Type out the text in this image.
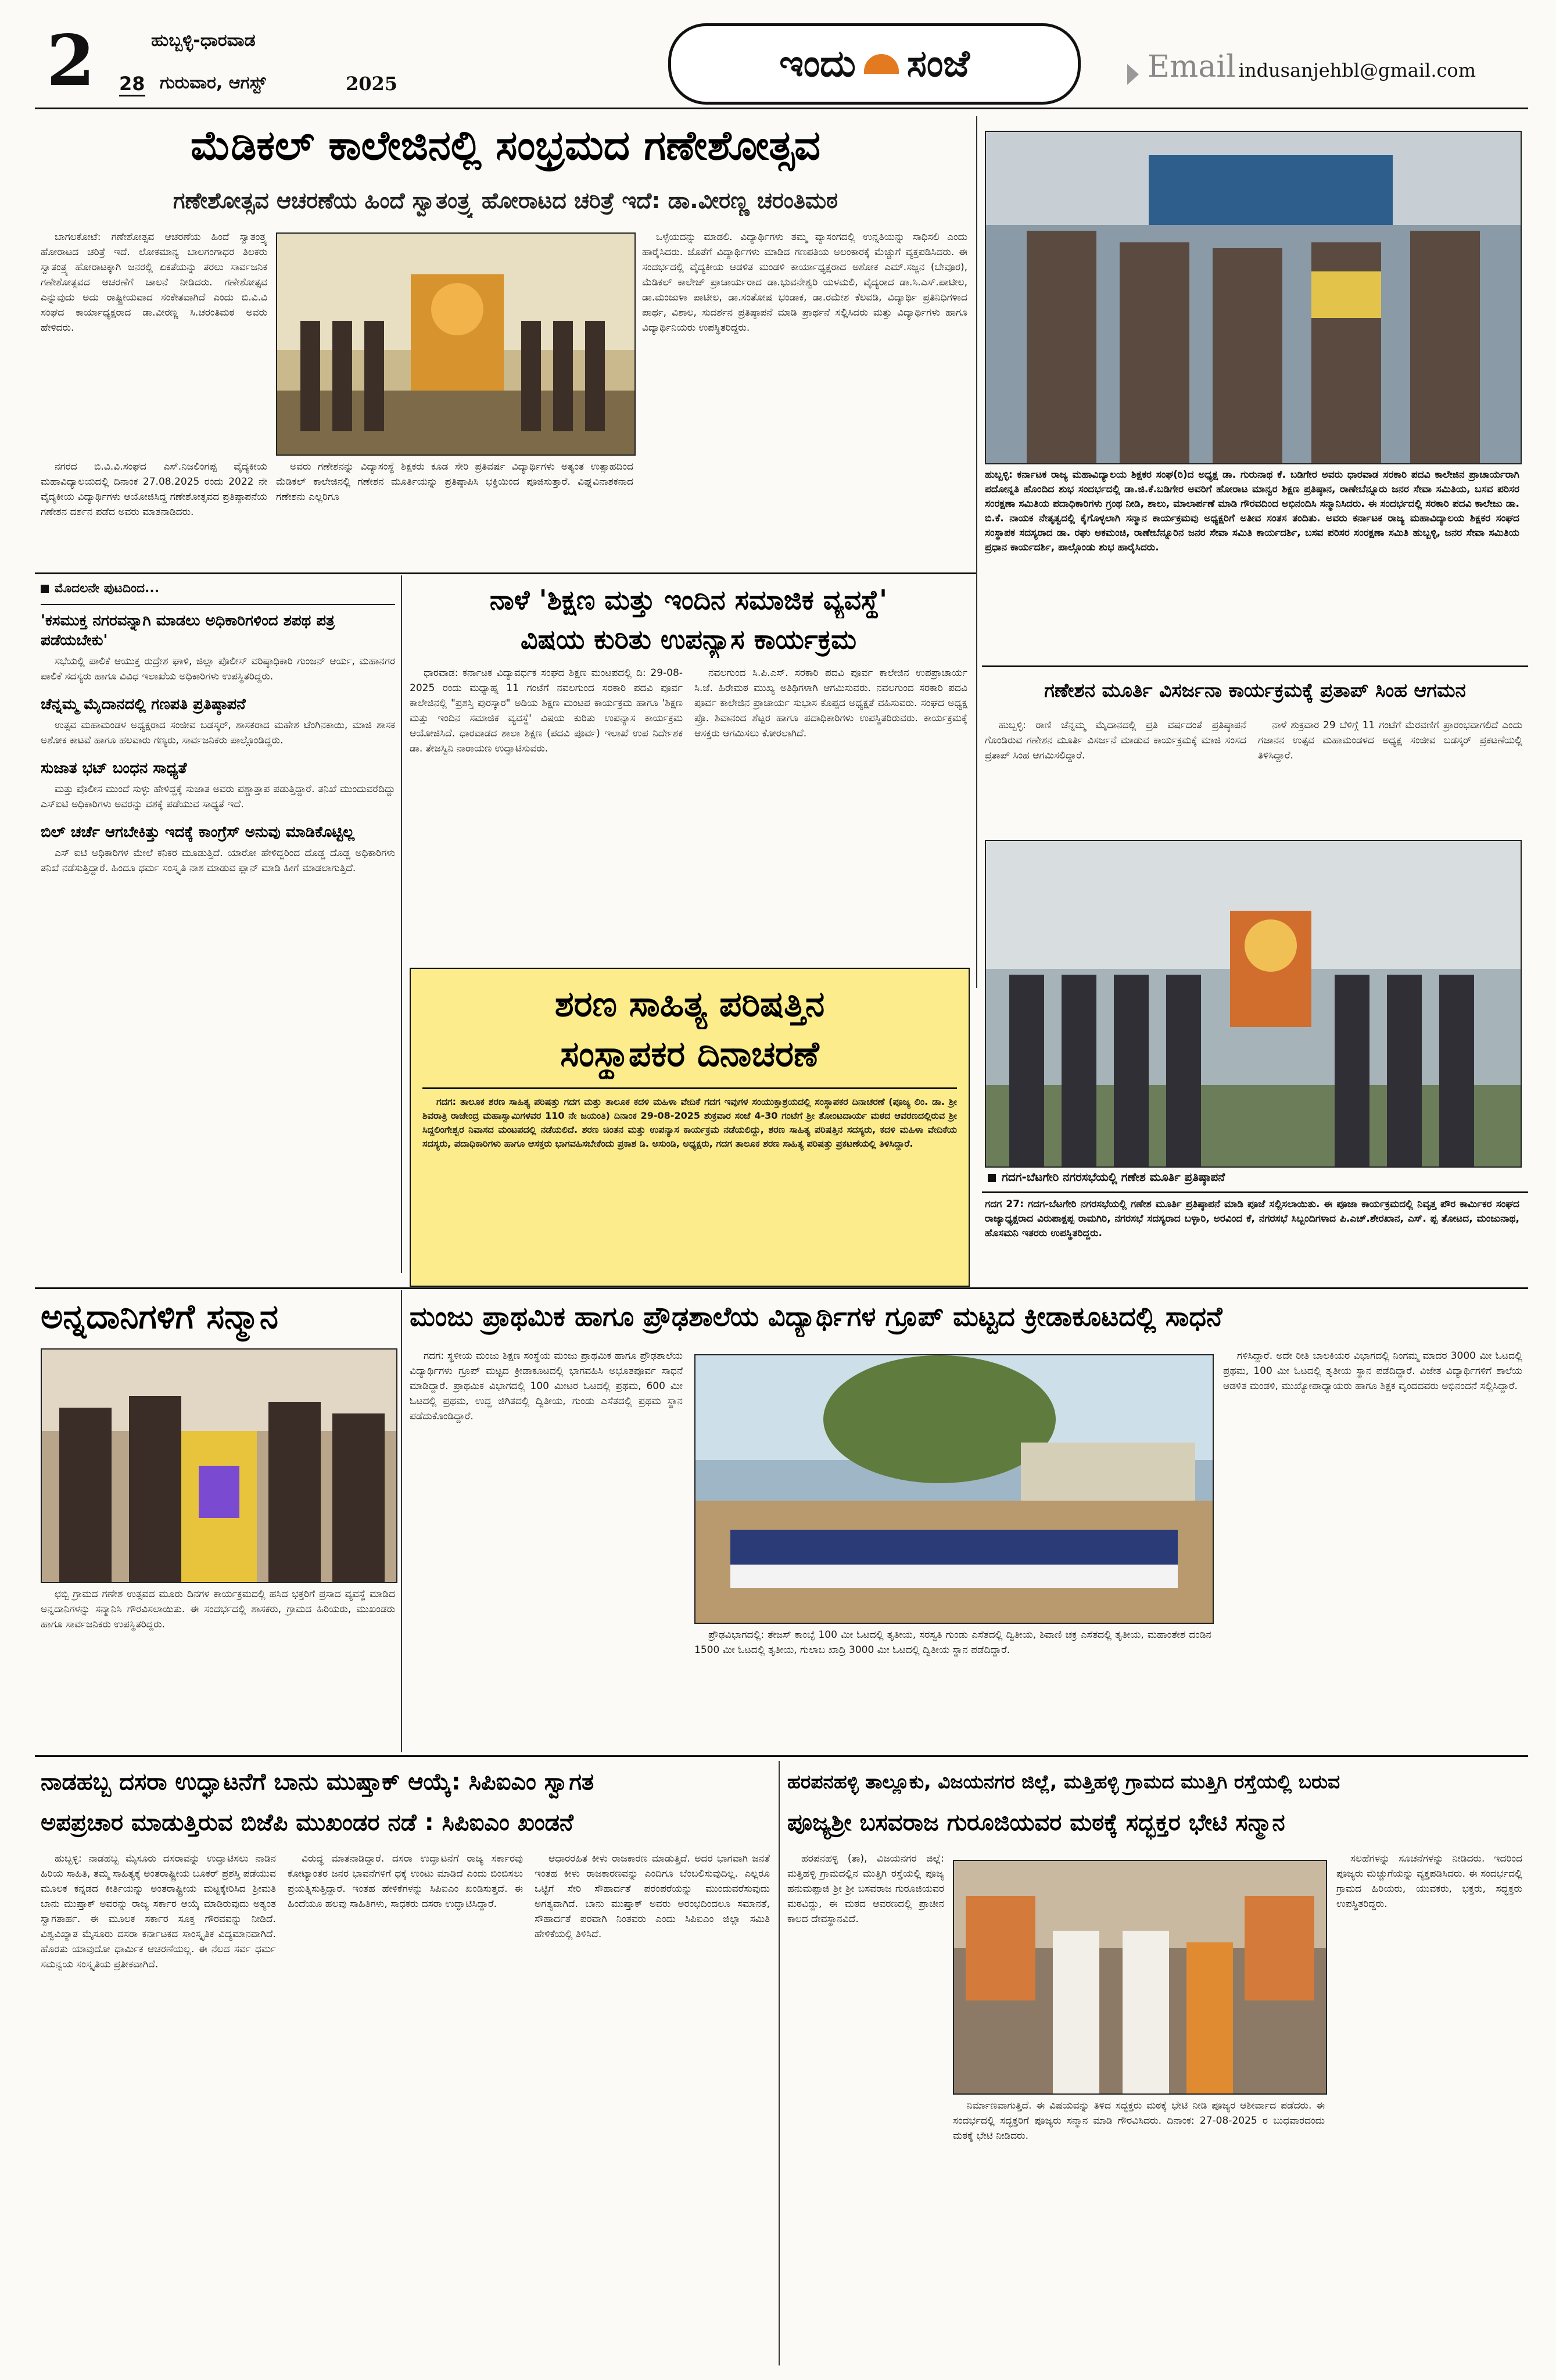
2	ಹುಬ್ಬಳ್ಳಿ-ಧಾರವಾಡ
28 ಗುರುವಾರ, ಆಗಸ್ಟ್	2025	ಇಂದು ಸಂಜೆ	Email indusanjehbl@gmail.com
ಮೆಡಿಕಲ್ ಕಾಲೇಜಿನಲ್ಲಿ ಸಂಭ್ರಮದ ಗಣೇಶೋತ್ಸವ
ಗಣೇಶೋತ್ಸವ ಆಚರಣೆಯ ಹಿಂದೆ ಸ್ವಾತಂತ್ರ್ಯ ಹೋರಾಟದ ಚರಿತ್ರೆ ಇದೆ: ಡಾ.ವೀರಣ್ಣ ಚರಂತಿಮಠ

ಬಾಗಲಕೋಟೆ: ಗಣೇಶೋತ್ಸವ ಆಚರಣೆಯ ಹಿಂದೆ ಸ್ವಾತಂತ್ರ್ಯ ಹೋರಾಟದ ಚರಿತ್ರೆ ಇದೆ. ಲೋಕಮಾನ್ಯ ಬಾಲಗಂಗಾಧರ ತಿಲಕರು ಸ್ವಾತಂತ್ರ್ಯ ಹೋರಾಟಕ್ಕಾಗಿ ಜನರಲ್ಲಿ ಏಕತೆಯನ್ನು ತರಲು ಸಾರ್ವಜನಿಕ ಗಣೇಶೋತ್ಸವದ ಆಚರಣೆಗೆ ಚಾಲನೆ ನೀಡಿದರು. ಗಣೇಶೋತ್ಸವ ಎನ್ನುವುದು ಅದು ರಾಷ್ಟ್ರೀಯವಾದ ಸಂಕೇತವಾಗಿದೆ ಎಂದು ಬಿ.ವಿ.ವಿ ಸಂಘದ ಕಾರ್ಯಾಧ್ಯಕ್ಷರಾದ ಡಾ.ವೀರಣ್ಣ ಸಿ.ಚರಂತಿಮಠ ಅವರು ಹೇಳಿದರು.

ಒಳ್ಳೆಯದನ್ನು ಮಾಡಲಿ. ವಿದ್ಯಾರ್ಥಿಗಳು ತಮ್ಮ ವ್ಯಾಸಂಗದಲ್ಲಿ ಉನ್ನತಿಯನ್ನು ಸಾಧಿಸಲಿ ಎಂದು ಹಾರೈಸಿದರು. ಜೊತೆಗೆ ವಿದ್ಯಾರ್ಥಿಗಳು ಮಾಡಿದ ಗಣಪತಿಯ ಅಲಂಕಾರಕ್ಕೆ ಮೆಚ್ಚುಗೆ ವ್ಯಕ್ತಪಡಿಸಿದರು. ಈ ಸಂದರ್ಭದಲ್ಲಿ ವೈದ್ಯಕೀಯ ಆಡಳಿತ ಮಂಡಳಿ ಕಾರ್ಯಾಧ್ಯಕ್ಷರಾದ ಅಶೋಕ ಎಮ್.ಸಜ್ಜನ (ಬೇವೂರ), ಮೆಡಿಕಲ್ ಕಾಲೇಜ್ ಪ್ರಾಚಾರ್ಯರಾದ ಡಾ.ಭುವನೇಶ್ವರಿ ಯಳಮಲಿ, ವೈದ್ಯರಾದ ಡಾ.ಸಿ.ಎಸ್.ಪಾಟೀಲ, ಡಾ.ಮಂಜುಳಾ ಪಾಟೀಲ, ಡಾ.ಸಂತೋಷ ಭಂಡಾಕ, ಡಾ.ರಮೇಶ ಕೆಲವಡಿ, ವಿದ್ಯಾರ್ಥಿ ಪ್ರತಿನಿಧಿಗಳಾದ ಪಾರ್ಥ, ವಿಶಾಲ, ಸುದರ್ಶನ ಪ್ರತಿಷ್ಠಾಪನೆ ಮಾಡಿ ಪ್ರಾರ್ಥನೆ ಸಲ್ಲಿಸಿದರು ಮತ್ತು ವಿದ್ಯಾರ್ಥಿಗಳು ಹಾಗೂ ವಿದ್ಯಾರ್ಥಿನಿಯರು ಉಪಸ್ಥಿತರಿದ್ದರು.

ನಗರದ ಬಿ.ವಿ.ವಿ.ಸಂಘದ ಎಸ್.ನಿಜಲಿಂಗಪ್ಪ ವೈದ್ಯಕೀಯ ಮಹಾವಿದ್ಯಾಲಯದಲ್ಲಿ ದಿನಾಂಕ 27.08.2025 ರಂದು 2022 ನೇ ವೈದ್ಯಕೀಯ ವಿದ್ಯಾರ್ಥಿಗಳು ಆಯೋಜಿಸಿದ್ದ ಗಣೇಶೋತ್ಸವದ ಪ್ರತಿಷ್ಠಾಪನೆಯ ಗಣೇಶನ ದರ್ಶನ ಪಡೆದ ಅವರು ಮಾತನಾಡಿದರು.

ಅವರು ಗಣೇಶನನ್ನು ವಿದ್ಯಾಸಂಸ್ಥೆ ಶಿಕ್ಷಕರು ಕೂಡ ಸೇರಿ ಪ್ರತಿವರ್ಷ ವಿದ್ಯಾರ್ಥಿಗಳು ಅತ್ಯಂತ ಉತ್ಸಾಹದಿಂದ ಮೆಡಿಕಲ್ ಕಾಲೇಜಿನಲ್ಲಿ ಗಣೇಶನ ಮೂರ್ತಿಯನ್ನು ಪ್ರತಿಷ್ಠಾಪಿಸಿ ಭಕ್ತಿಯಿಂದ ಪೂಜಿಸುತ್ತಾರೆ. ವಿಘ್ನವಿನಾಶಕನಾದ ಗಣೇಶನು ಎಲ್ಲರಿಗೂ

ಹುಬ್ಬಳ್ಳಿ: ಕರ್ನಾಟಕ ರಾಜ್ಯ ಮಹಾವಿದ್ಯಾಲಯ ಶಿಕ್ಷಕರ ಸಂಘ(ರಿ)ದ ಅಧ್ಯಕ್ಷ ಡಾ. ಗುರುನಾಥ ಕೆ. ಬಡಿಗೇರ ಅವರು ಧಾರವಾಡ ಸರಕಾರಿ ಪದವಿ ಕಾಲೇಜಿನ ಪ್ರಾಚಾರ್ಯರಾಗಿ ಪದೋನ್ನತಿ ಹೊಂದಿದ ಶುಭ ಸಂದರ್ಭದಲ್ಲಿ ಡಾ.ಜಿ.ಕೆ.ಬಡಿಗೇರ ಅವರಿಗೆ ಹೋರಾಟ ಮಾನ್ವರ ಶಿಕ್ಷಣ ಪ್ರತಿಷ್ಠಾನ, ರಾಣೇಬೆನ್ನೂರು ಜನರ ಸೇವಾ ಸಮಿತಿಯ, ಬಸವ ಪರಿಸರ ಸಂರಕ್ಷಣಾ ಸಮಿತಿಯ ಪದಾಧಿಕಾರಿಗಳು ಗ್ರಂಥ ನೀಡಿ, ಶಾಲು, ಮಾಲಾರ್ಪಣೆ ಮಾಡಿ ಗೌರವದಿಂದ ಅಭಿನಂದಿಸಿ ಸನ್ಮಾನಿಸಿದರು. ಈ ಸಂದರ್ಭದಲ್ಲಿ ಸರಕಾರಿ ಪದವಿ ಕಾಲೇಜು ಡಾ. ಬಿ.ಕೆ. ನಾಯಕ ನೇತೃತ್ವದಲ್ಲಿ ಕೈಗೊಳ್ಳಲಾಗಿ ಸನ್ಮಾನ ಕಾರ್ಯಕ್ರಮವು ಅಧ್ಯಕ್ಷರಿಗೆ ಅತೀವ ಸಂತಸ ತಂದಿತು. ಅವರು ಕರ್ನಾಟಕ ರಾಜ್ಯ ಮಹಾವಿದ್ಯಾಲಯ ಶಿಕ್ಷಕರ ಸಂಘದ ಸಂಸ್ಥಾಪಕ ಸದಸ್ಯರಾದ ಡಾ. ರಘು ಅಕಮಂಚಿ, ರಾಣೇಬೆನ್ನೂರಿನ ಜನರ ಸೇವಾ ಸಮಿತಿ ಕಾರ್ಯದರ್ಶಿ, ಬಸವ ಪರಿಸರ ಸಂರಕ್ಷಣಾ ಸಮಿತಿ ಹುಬ್ಬಳ್ಳಿ, ಜನರ ಸೇವಾ ಸಮಿತಿಯ ಪ್ರಧಾನ ಕಾರ್ಯದರ್ಶಿ, ಪಾಲ್ಗೊಂಡು ಶುಭ ಹಾರೈಸಿದರು.
ಮೊದಲನೇ ಪುಟದಿಂದ...
'ಕಸಮುಕ್ತ ನಗರವನ್ನಾಗಿ ಮಾಡಲು ಅಧಿಕಾರಿಗಳಿಂದ ಶಪಥ ಪತ್ರ ಪಡೆಯಬೇಕು'

ಸಭೆಯಲ್ಲಿ ಪಾಲಿಕೆ ಆಯುಕ್ತ ರುದ್ರೇಶ ಘಾಳಿ, ಜಿಲ್ಲಾ ಪೊಲೀಸ್ ವರಿಷ್ಠಾಧಿಕಾರಿ ಗುಂಜನ್ ಆರ್ಯ, ಮಹಾನಗರ ಪಾಲಿಕೆ ಸದಸ್ಯರು ಹಾಗೂ ವಿವಿಧ ಇಲಾಖೆಯ ಅಧಿಕಾರಿಗಳು ಉಪಸ್ಥಿತರಿದ್ದರು.

ಚೆನ್ನಮ್ಮ ಮೈದಾನದಲ್ಲಿ ಗಣಪತಿ ಪ್ರತಿಷ್ಠಾಪನೆ

ಉತ್ಸವ ಮಹಾಮಂಡಳ ಅಧ್ಯಕ್ಷರಾದ ಸಂಜೀವ ಬಡಸ್ಕರ್, ಶಾಸಕರಾದ ಮಹೇಶ ಟೆಂಗಿನಕಾಯಿ, ಮಾಜಿ ಶಾಸಕ ಅಶೋಕ ಕಾಟವೆ ಹಾಗೂ ಹಲವಾರು ಗಣ್ಯರು, ಸಾರ್ವಜನಿಕರು ಪಾಲ್ಗೊಂಡಿದ್ದರು.

ಸುಜಾತ ಭಟ್ ಬಂಧನ ಸಾಧ್ಯತೆ

ಮತ್ತು ಪೊಲೀಸ ಮುಂದೆ ಸುಳ್ಳು ಹೇಳಿದ್ದಕ್ಕೆ ಸುಜಾತ ಅವರು ಪಶ್ಚಾತ್ತಾಪ ಪಡುತ್ತಿದ್ದಾರೆ. ತನಿಖೆ ಮುಂದುವರೆದಿದ್ದು ಎಸ್ಐಟಿ ಅಧಿಕಾರಿಗಳು ಅವರನ್ನು ವಶಕ್ಕೆ ಪಡೆಯುವ ಸಾಧ್ಯತೆ ಇದೆ.

ಬಿಲ್ ಚರ್ಚೆ ಆಗಬೇಕಿತ್ತು ಇದಕ್ಕೆ ಕಾಂಗ್ರೆಸ್ ಅನುವು ಮಾಡಿಕೊಟ್ಟಿಲ್ಲ

ಎಸ್ ಐಟಿ ಅಧಿಕಾರಿಗಳ ಮೇಲೆ ಕನಿಕರ ಮೂಡುತ್ತಿದೆ. ಯಾರೋ ಹೇಳಿದ್ದರಿಂದ ದೊಡ್ಡ ದೊಡ್ಡ ಅಧಿಕಾರಿಗಳು ತನಿಖೆ ನಡೆಸುತ್ತಿದ್ದಾರೆ. ಹಿಂದೂ ಧರ್ಮ ಸಂಸ್ಕೃತಿ ನಾಶ ಮಾಡುವ ಪ್ಲಾನ್ ಮಾಡಿ ಹೀಗೆ ಮಾಡಲಾಗುತ್ತಿದೆ.

ನಾಳೆ 'ಶಿಕ್ಷಣ ಮತ್ತು ಇಂದಿನ ಸಮಾಜಿಕ ವ್ಯವಸ್ಥೆ'
ವಿಷಯ ಕುರಿತು ಉಪನ್ಯಾಸ ಕಾರ್ಯಕ್ರಮ

ಧಾರವಾಡ: ಕರ್ನಾಟಕ ವಿದ್ಯಾವರ್ಧಕ ಸಂಘದ ಶಿಕ್ಷಣ ಮಂಟಪದಲ್ಲಿ ದಿ: 29-08-2025 ರಂದು ಮಧ್ಯಾಹ್ನ 11 ಗಂಟೆಗೆ ನವಲಗುಂದ ಸರಕಾರಿ ಪದವಿ ಪೂರ್ವ ಕಾಲೇಜಿನಲ್ಲಿ "ಪ್ರಶಸ್ತಿ ಪುರಸ್ಕಾರ" ಅಡಿಯ ಶಿಕ್ಷಣ ಮಂಟಪ ಕಾರ್ಯಕ್ರಮ ಹಾಗೂ 'ಶಿಕ್ಷಣ ಮತ್ತು ಇಂದಿನ ಸಮಾಜಿಕ ವ್ಯವಸ್ಥೆ' ವಿಷಯ ಕುರಿತು ಉಪನ್ಯಾಸ ಕಾರ್ಯಕ್ರಮ ಆಯೋಜಿಸಿದೆ. ಧಾರವಾಡದ ಶಾಲಾ ಶಿಕ್ಷಣ (ಪದವಿ ಪೂರ್ವ) ಇಲಾಖೆ ಉಪ ನಿರ್ದೇಶಕ ಡಾ. ತೇಜಸ್ವಿನಿ ನಾರಾಯಣ ಉದ್ಘಾಟಿಸುವರು.

ನವಲಗುಂದ ಸಿ.ಪಿ.ಎಸ್. ಸರಕಾರಿ ಪದವಿ ಪೂರ್ವ ಕಾಲೇಜಿನ ಉಪಪ್ರಾಚಾರ್ಯ ಸಿ.ಜೆ. ಹಿರೇಮಠ ಮುಖ್ಯ ಅತಿಥಿಗಳಾಗಿ ಆಗಮಿಸುವರು. ನವಲಗುಂದ ಸರಕಾರಿ ಪದವಿ ಪೂರ್ವ ಕಾಲೇಜಿನ ಪ್ರಾಚಾರ್ಯ ಸುಭಾಸ ಕೊಪ್ಪದ ಅಧ್ಯಕ್ಷತೆ ವಹಿಸುವರು. ಸಂಘದ ಅಧ್ಯಕ್ಷ ಪ್ರೊ. ಶಿವಾನಂದ ಶೆಟ್ಟರ ಹಾಗೂ ಪದಾಧಿಕಾರಿಗಳು ಉಪಸ್ಥಿತರಿರುವರು. ಕಾರ್ಯಕ್ರಮಕ್ಕೆ ಆಸಕ್ತರು ಆಗಮಿಸಲು ಕೋರಲಾಗಿದೆ.

ಗಣೇಶನ ಮೂರ್ತಿ ವಿಸರ್ಜನಾ ಕಾರ್ಯಕ್ರಮಕ್ಕೆ ಪ್ರತಾಪ್ ಸಿಂಹ ಆಗಮನ

ಹುಬ್ಬಳ್ಳಿ: ರಾಣಿ ಚೆನ್ನಮ್ಮ ಮೈದಾನದಲ್ಲಿ ಪ್ರತಿ ವರ್ಷದಂತೆ ಪ್ರತಿಷ್ಠಾಪನೆ ಗೊಂಡಿರುವ ಗಣೇಶನ ಮೂರ್ತಿ ವಿಸರ್ಜನೆ ಮಾಡುವ ಕಾರ್ಯಕ್ರಮಕ್ಕೆ ಮಾಜಿ ಸಂಸದ ಪ್ರತಾಪ್ ಸಿಂಹ ಆಗಮಿಸಲಿದ್ದಾರೆ.

ನಾಳೆ ಶುಕ್ರವಾರ 29 ಬೆಳಿಗ್ಗೆ 11 ಗಂಟೆಗೆ ಮೆರವಣಿಗೆ ಪ್ರಾರಂಭವಾಗಲಿದೆ ಎಂದು ಗಜಾನನ ಉತ್ಸವ ಮಹಾಮಂಡಳದ ಅಧ್ಯಕ್ಷ ಸಂಜೀವ ಬಡಸ್ಕರ್ ಪ್ರಕಟಣೆಯಲ್ಲಿ ತಿಳಿಸಿದ್ದಾರೆ.

ಗದಗ-ಬೆಟಗೇರಿ ನಗರಸಭೆಯಲ್ಲಿ ಗಣೇಶ ಮೂರ್ತಿ ಪ್ರತಿಷ್ಠಾಪನೆ
ಗದಗ 27: ಗದಗ-ಬೆಟಗೇರಿ ನಗರಸಭೆಯಲ್ಲಿ ಗಣೇಶ ಮೂರ್ತಿ ಪ್ರತಿಷ್ಠಾಪನೆ ಮಾಡಿ ಪೂಜೆ ಸಲ್ಲಿಸಲಾಯಿತು. ಈ ಪೂಜಾ ಕಾರ್ಯಕ್ರಮದಲ್ಲಿ ನಿವೃತ್ತ ಪೌರ ಕಾರ್ಮಿಕರ ಸಂಘದ ರಾಜ್ಯಾಧ್ಯಕ್ಷರಾದ ವಿರುಪಾಕ್ಷಪ್ಪ ರಾಮಗಿರಿ, ನಗರಸಭೆ ಸದಸ್ಯರಾದ ಬಳ್ಳಾರಿ, ಅರವಿಂದ ಕೆ, ನಗರಸಭೆ ಸಿಬ್ಬಂದಿಗಳಾದ ಪಿ.ಎಚ್.ಶೇರಖಾನ, ಎಸ್. ಪ್ಪ ತೋಟದ, ಮಂಜುನಾಥ, ಹೊಸಮನಿ ಇತರರು ಉಪಸ್ಥಿತರಿದ್ದರು.
ಶರಣ ಸಾಹಿತ್ಯ ಪರಿಷತ್ತಿನ
ಸಂಸ್ಥಾಪಕರ ದಿನಾಚರಣೆ

ಗದಗ: ತಾಲೂಕ ಶರಣ ಸಾಹಿತ್ಯ ಪರಿಷತ್ತು ಗದಗ ಮತ್ತು ತಾಲೂಕ ಕದಳಿ ಮಹಿಳಾ ವೇದಿಕೆ ಗದಗ ಇವುಗಳ ಸಂಯುಕ್ತಾಶ್ರಯದಲ್ಲಿ ಸಂಸ್ಥಾಪಕರ ದಿನಾಚರಣೆ (ಪೂಜ್ಯ ಲಿಂ. ಡಾ. ಶ್ರೀ ಶಿವರಾತ್ರಿ ರಾಜೇಂದ್ರ ಮಹಾಸ್ವಾಮಿಗಳವರ 110 ನೇ ಜಯಂತಿ) ದಿನಾಂಕ 29-08-2025 ಶುಕ್ರವಾರ ಸಂಜೆ 4-30 ಗಂಟೆಗೆ ಶ್ರೀ ತೋಂಟದಾರ್ಯ ಮಠದ ಆವರಣದಲ್ಲಿರುವ ಶ್ರೀ ಸಿದ್ದಲಿಂಗೇಶ್ವರ ನಿವಾಸದ ಮಂಟಪದಲ್ಲಿ ನಡೆಯಲಿದೆ. ಶರಣ ಚಿಂತನ ಮತ್ತು ಉಪನ್ಯಾಸ ಕಾರ್ಯಕ್ರಮ ನಡೆಯಲಿದ್ದು, ಶರಣ ಸಾಹಿತ್ಯ ಪರಿಷತ್ತಿನ ಸದಸ್ಯರು, ಕದಳಿ ಮಹಿಳಾ ವೇದಿಕೆಯ ಸದಸ್ಯರು, ಪದಾಧಿಕಾರಿಗಳು ಹಾಗೂ ಆಸಕ್ತರು ಭಾಗವಹಿಸಬೇಕೆಂದು ಪ್ರಕಾಶ ಡಿ. ಅಸುಂಡಿ, ಅಧ್ಯಕ್ಷರು, ಗದಗ ತಾಲೂಕ ಶರಣ ಸಾಹಿತ್ಯ ಪರಿಷತ್ತು ಪ್ರಕಟಣೆಯಲ್ಲಿ ತಿಳಿಸಿದ್ದಾರೆ.

ಅನ್ನದಾನಿಗಳಿಗೆ ಸನ್ಮಾನ

ಛಬ್ಬಿ ಗ್ರಾಮದ ಗಣೇಶ ಉತ್ಸವದ ಮೂರು ದಿನಗಳ ಕಾರ್ಯಕ್ರಮದಲ್ಲಿ ಹಸಿದ ಭಕ್ತರಿಗೆ ಪ್ರಸಾದ ವ್ಯವಸ್ಥೆ ಮಾಡಿದ ಅನ್ನದಾನಿಗಳನ್ನು ಸನ್ಮಾನಿಸಿ ಗೌರವಿಸಲಾಯಿತು. ಈ ಸಂದರ್ಭದಲ್ಲಿ ಶಾಸಕರು, ಗ್ರಾಮದ ಹಿರಿಯರು, ಮುಖಂಡರು ಹಾಗೂ ಸಾರ್ವಜನಿಕರು ಉಪಸ್ಥಿತರಿದ್ದರು.

ಮಂಜು ಪ್ರಾಥಮಿಕ ಹಾಗೂ ಪ್ರೌಢಶಾಲೆಯ ವಿದ್ಯಾರ್ಥಿಗಳ ಗ್ರೂಪ್ ಮಟ್ಟದ ಕ್ರೀಡಾಕೂಟದಲ್ಲಿ ಸಾಧನೆ

ಗದಗ: ಸ್ಥಳೀಯ ಮಂಜು ಶಿಕ್ಷಣ ಸಂಸ್ಥೆಯ ಮಂಜು ಪ್ರಾಥಮಿಕ ಹಾಗೂ ಪ್ರೌಢಶಾಲೆಯ ವಿದ್ಯಾರ್ಥಿಗಳು ಗ್ರೂಪ್ ಮಟ್ಟದ ಕ್ರೀಡಾಕೂಟದಲ್ಲಿ ಭಾಗವಹಿಸಿ ಅಭೂತಪೂರ್ವ ಸಾಧನೆ ಮಾಡಿದ್ದಾರೆ. ಪ್ರಾಥಮಿಕ ವಿಭಾಗದಲ್ಲಿ 100 ಮೀಟರ ಓಟದಲ್ಲಿ ಪ್ರಥಮ, 600 ಮೀ ಓಟದಲ್ಲಿ ಪ್ರಥಮ, ಉದ್ದ ಜಿಗಿತದಲ್ಲಿ ದ್ವಿತೀಯ, ಗುಂಡು ಎಸೆತದಲ್ಲಿ ಪ್ರಥಮ ಸ್ಥಾನ ಪಡೆದುಕೊಂಡಿದ್ದಾರೆ.

ಪ್ರೌಢವಿಭಾಗದಲ್ಲಿ: ತೇಜಸ್ ಕಾಂಬ್ಳೆ 100 ಮೀ ಓಟದಲ್ಲಿ ತೃತೀಯ, ಸರಸ್ವತಿ ಗುಂಡು ಎಸೆತದಲ್ಲಿ ದ್ವಿತೀಯ, ಶಿವಾಣಿ ಚಕ್ರ ಎಸೆತದಲ್ಲಿ ತೃತೀಯ, ಮಹಾಂತೇಶ ದಂಡಿನ 1500 ಮೀ ಓಟದಲ್ಲಿ ತೃತೀಯ, ಗುಲಾಬ ಖಾದ್ರಿ 3000 ಮೀ ಓಟದಲ್ಲಿ ದ್ವಿತೀಯ ಸ್ಥಾನ ಪಡೆದಿದ್ದಾರೆ.

ಗಳಿಸಿದ್ದಾರೆ. ಅದೇ ರೀತಿ ಬಾಲಕಿಯರ ವಿಭಾಗದಲ್ಲಿ ನಿಂಗಮ್ಮ ಮಾದರ 3000 ಮೀ ಓಟದಲ್ಲಿ ಪ್ರಥಮ, 100 ಮೀ ಓಟದಲ್ಲಿ ತೃತೀಯ ಸ್ಥಾನ ಪಡೆದಿದ್ದಾರೆ. ವಿಜೇತ ವಿದ್ಯಾರ್ಥಿಗಳಿಗೆ ಶಾಲೆಯ ಆಡಳಿತ ಮಂಡಳಿ, ಮುಖ್ಯೋಪಾಧ್ಯಾಯರು ಹಾಗೂ ಶಿಕ್ಷಕ ವೃಂದದವರು ಅಭಿನಂದನೆ ಸಲ್ಲಿಸಿದ್ದಾರೆ.

ನಾಡಹಬ್ಬ ದಸರಾ ಉದ್ಘಾಟನೆಗೆ ಬಾನು ಮುಷ್ತಾಕ್ ಆಯ್ಕೆ: ಸಿಪಿಐಎಂ ಸ್ವಾಗತ
ಅಪಪ್ರಚಾರ ಮಾಡುತ್ತಿರುವ ಬಿಜೆಪಿ ಮುಖಂಡರ ನಡೆ : ಸಿಪಿಐಎಂ ಖಂಡನೆ

ಹುಬ್ಬಳ್ಳಿ: ನಾಡಹಬ್ಬ ಮೈಸೂರು ದಸರಾವನ್ನು ಉದ್ಘಾಟಿಸಲು ನಾಡಿನ ಹಿರಿಯ ಸಾಹಿತಿ, ತಮ್ಮ ಸಾಹಿತ್ಯಕ್ಕೆ ಅಂತರಾಷ್ಟ್ರೀಯ ಬೂಕರ್ ಪ್ರಶಸ್ತಿ ಪಡೆಯುವ ಮೂಲಕ ಕನ್ನಡದ ಕೀರ್ತಿಯನ್ನು ಅಂತರಾಷ್ಟ್ರೀಯ ಮಟ್ಟಕ್ಕೇರಿಸಿದ ಶ್ರೀಮತಿ ಬಾನು ಮುಷ್ತಾಕ್ ಅವರನ್ನು ರಾಜ್ಯ ಸರ್ಕಾರ ಆಯ್ಕೆ ಮಾಡಿರುವುದು ಅತ್ಯಂತ ಸ್ವಾಗತಾರ್ಹ. ಈ ಮೂಲಕ ಸರ್ಕಾರ ಸೂಕ್ತ ಗೌರವವನ್ನು ನೀಡಿದೆ. ವಿಶ್ವವಿಖ್ಯಾತ ಮೈಸೂರು ದಸರಾ ಕರ್ನಾಟಕದ ಸಾಂಸ್ಕೃತಿಕ ವಿದ್ಯಮಾನವಾಗಿದೆ. ಹೊರತು ಯಾವುದೋ ಧಾರ್ಮಿಕ ಆಚರಣೆಯಲ್ಲ. ಈ ನೆಲದ ಸರ್ವ ಧರ್ಮ ಸಮನ್ವಯ ಸಂಸ್ಕೃತಿಯ ಪ್ರತೀಕವಾಗಿದೆ.

ವಿರುದ್ಧ ಮಾತನಾಡಿದ್ದಾರೆ. ದಸರಾ ಉದ್ಘಾಟನೆಗೆ ರಾಜ್ಯ ಸರ್ಕಾರವು ಕೋಟ್ಯಾಂತರ ಜನರ ಭಾವನೆಗಳಿಗೆ ಧಕ್ಕೆ ಉಂಟು ಮಾಡಿದೆ ಎಂದು ಬಿಂಬಿಸಲು ಪ್ರಯತ್ನಿಸುತ್ತಿದ್ದಾರೆ. ಇಂತಹ ಹೇಳಿಕೆಗಳನ್ನು ಸಿಪಿಐಎಂ ಖಂಡಿಸುತ್ತದೆ. ಈ ಹಿಂದೆಯೂ ಹಲವು ಸಾಹಿತಿಗಳು, ಸಾಧಕರು ದಸರಾ ಉದ್ಘಾಟಿಸಿದ್ದಾರೆ.

ಆಧಾರರಹಿತ ಕೀಳು ರಾಜಕಾರಣ ಮಾಡುತ್ತಿದೆ. ಅದರ ಭಾಗವಾಗಿ ಜನತೆ ಇಂತಹ ಕೀಳು ರಾಜಕಾರಣವನ್ನು ಎಂದಿಗೂ ಬೆಂಬಲಿಸುವುದಿಲ್ಲ. ಎಲ್ಲರೂ ಒಟ್ಟಿಗೆ ಸೇರಿ ಸೌಹಾರ್ದತೆ ಪರಂಪರೆಯನ್ನು ಮುಂದುವರೆಸುವುದು ಅಗತ್ಯವಾಗಿದೆ. ಬಾನು ಮುಷ್ತಾಕ್ ಅವರು ಅರಂಭದಿಂದಲೂ ಸಮಾನತೆ, ಸೌಹಾರ್ದತೆ ಪರವಾಗಿ ನಿಂತವರು ಎಂದು ಸಿಪಿಐಎಂ ಜಿಲ್ಲಾ ಸಮಿತಿ ಹೇಳಿಕೆಯಲ್ಲಿ ತಿಳಿಸಿದೆ.

ಹರಪನಹಳ್ಳಿ ತಾಲ್ಲೂಕು, ವಿಜಯನಗರ ಜಿಲ್ಲೆ, ಮತ್ತಿಹಳ್ಳಿ ಗ್ರಾಮದ ಮುತ್ತಿಗಿ ರಸ್ತೆಯಲ್ಲಿ ಬರುವ
ಪೂಜ್ಯಶ್ರೀ ಬಸವರಾಜ ಗುರೂಜಿಯವರ ಮಠಕ್ಕೆ ಸದ್ಭಕ್ತರ ಭೇಟಿ ಸನ್ಮಾನ

ಹರಪನಹಳ್ಳಿ (ತಾ), ವಿಜಯನಗರ ಜಿಲ್ಲೆ: ಮತ್ತಿಹಳ್ಳಿ ಗ್ರಾಮದಲ್ಲಿನ ಮುತ್ತಿಗಿ ರಸ್ತೆಯಲ್ಲಿ ಪೂಜ್ಯ ಹನುಮಪ್ಪಾಜಿ ಶ್ರೀ ಶ್ರೀ ಬಸವರಾಜ ಗುರೂಜಿಯವರ ಮಠವಿದ್ದು, ಈ ಮಠದ ಆವರಣದಲ್ಲಿ ಪ್ರಾಚೀನ ಕಾಲದ ದೇವಸ್ಥಾನವಿದೆ.

ನಿರ್ಮಾಣವಾಗುತ್ತಿದೆ. ಈ ವಿಷಯವನ್ನು ತಿಳಿದ ಸದ್ಭಕ್ತರು ಮಠಕ್ಕೆ ಭೇಟಿ ನೀಡಿ ಪೂಜ್ಯರ ಆಶೀರ್ವಾದ ಪಡೆದರು. ಈ ಸಂದರ್ಭದಲ್ಲಿ ಸದ್ಭಕ್ತರಿಗೆ ಪೂಜ್ಯರು ಸನ್ಮಾನ ಮಾಡಿ ಗೌರವಿಸಿದರು. ದಿನಾಂಕ: 27-08-2025 ರ ಬುಧವಾರದಂದು ಮಠಕ್ಕೆ ಭೇಟಿ ನೀಡಿದರು.

ಸಲಹೆಗಳನ್ನು ಸೂಚನೆಗಳನ್ನು ನೀಡಿದರು. ಇದರಿಂದ ಪೂಜ್ಯರು ಮೆಚ್ಚುಗೆಯನ್ನು ವ್ಯಕ್ತಪಡಿಸಿದರು. ಈ ಸಂದರ್ಭದಲ್ಲಿ ಗ್ರಾಮದ ಹಿರಿಯರು, ಯುವಕರು, ಭಕ್ತರು, ಸದ್ಭಕ್ತರು ಉಪಸ್ಥಿತರಿದ್ದರು.
